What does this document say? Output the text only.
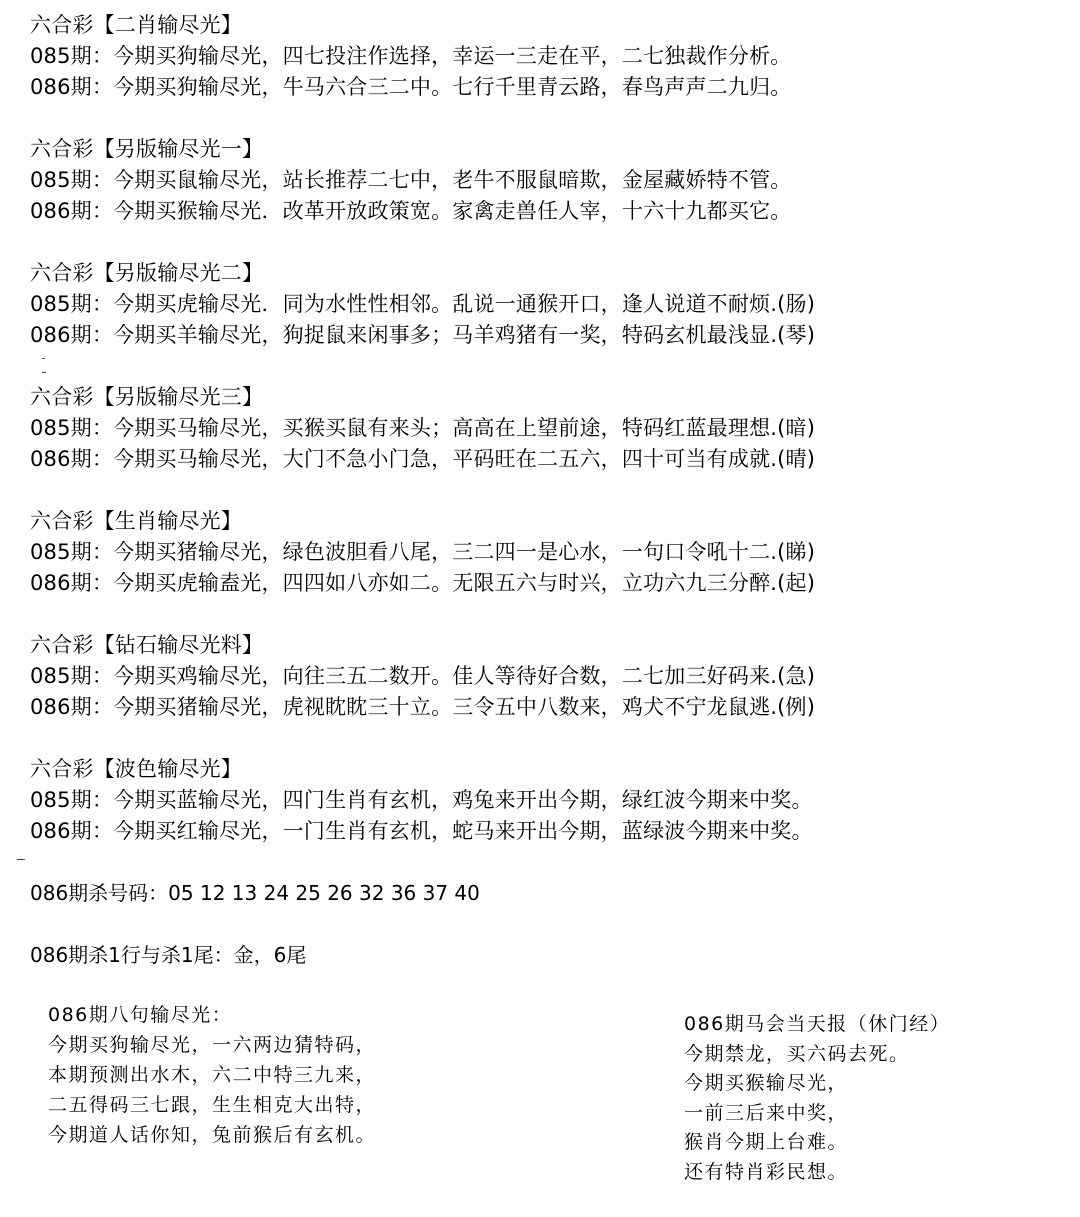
六合彩【二肖输尽光】
085期：今期买狗输尽光，四七投注作选择，幸运一三走在平，二七独裁作分析。
086期：今期买狗输尽光，牛马六合三二中。七行千里青云路，春鸟声声二九归。
六合彩【另版输尽光一】
085期：今期买鼠输尽光，站长推荐二七中，老牛不服鼠暗欺，金屋藏娇特不管。
086期：今期买猴输尽光．改革开放政策宽。家禽走兽任人宰，十六十九都买它。
六合彩【另版输尽光二】
085期：今期买虎输尽光．同为水性性相邻。乱说一通猴开口，逢人说道不耐烦.(肠)
086期：今期买羊输尽光，狗捉鼠来闲事多；马羊鸡猪有一奖，特码玄机最浅显.(琴)
六合彩【另版输尽光三】
085期：今期买马输尽光，买猴买鼠有来头；高高在上望前途，特码红蓝最理想.(暗)
086期：今期买马输尽光，大门不急小门急，平码旺在二五六，四十可当有成就.(晴)
六合彩【生肖输尽光】
085期：今期买猪输尽光，绿色波胆看八尾，三二四一是心水，一句口令吼十二.(睇)
086期：今期买虎输盍光，四四如八亦如二。无限五六与时兴，立功六九三分醉.(起)
六合彩【钻石输尽光料】
085期：今期买鸡输尽光，向往三五二数开。佳人等待好合数，二七加三好码来.(急)
086期：今期买猪输尽光，虎视眈眈三十立。三令五中八数来，鸡犬不宁龙鼠逃.(例)
六合彩【波色输尽光】
085期：今期买蓝输尽光，四门生肖有玄机，鸡兔来开出今期，绿红波今期来中奖。
086期：今期买红输尽光，一门生肖有玄机，蛇马来开出今期，蓝绿波今期来中奖。
086期杀号码：05 12 13 24 25 26 32 36 37 40
086期杀1行与杀1尾：金，6尾
086期八句输尽光：
今期买狗输尽光，一六两边猜特码，
本期预测出水木，六二中特三九来，
二五得码三七跟，生生相克大出特，
今期道人话你知，兔前猴后有玄机。
086期马会当天报（休门经）
今期禁龙，买六码去死。
今期买猴输尽光，
一前三后来中奖，
猴肖今期上台难。
还有特肖彩民想。
